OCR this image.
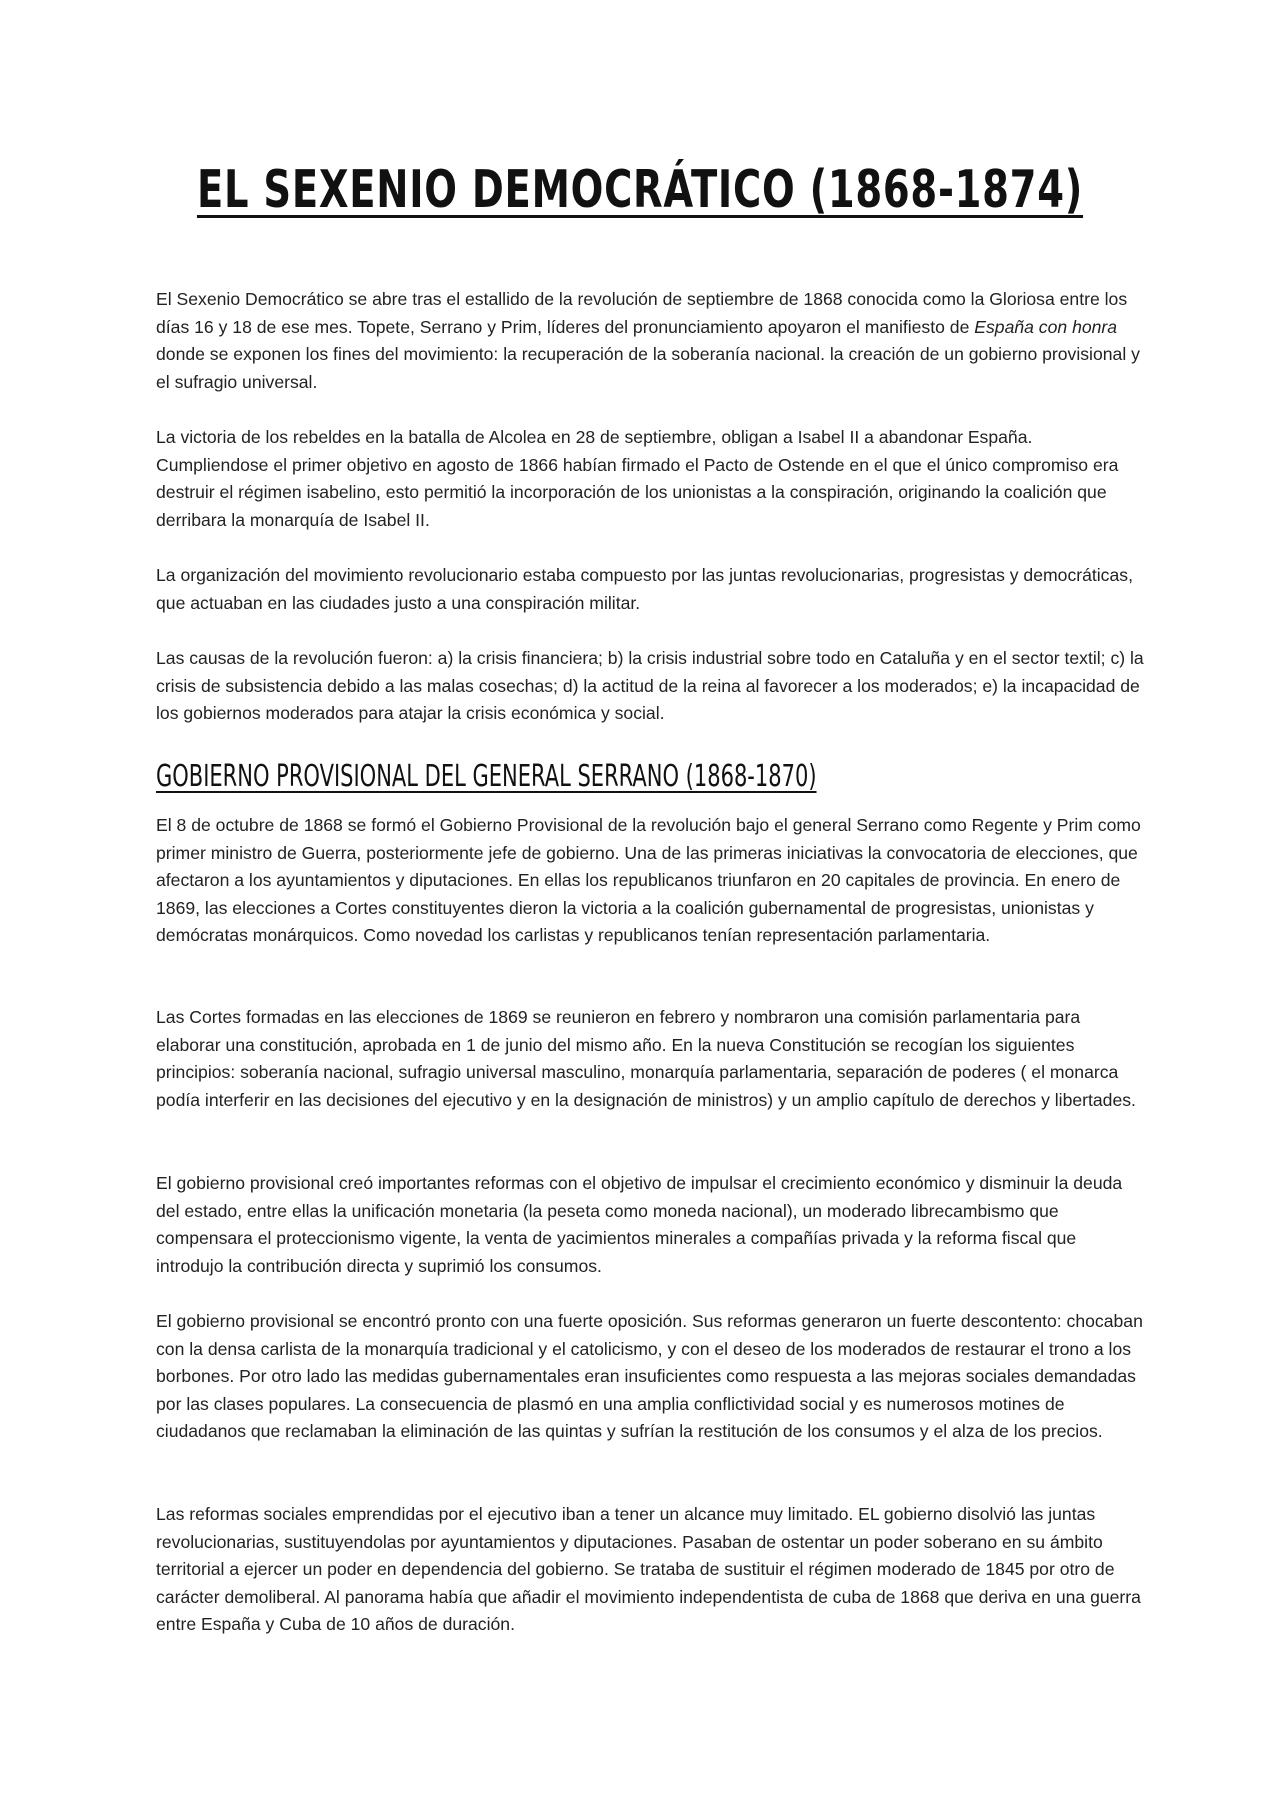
EL SEXENIO DEMOCRÁTICO (1868-1874)

El Sexenio Democrático se abre tras el estallido de la revolución de septiembre de 1868 conocida como la Gloriosa entre los días 16 y 18 de ese mes. Topete, Serrano y Prim, líderes del pronunciamiento apoyaron el manifiesto de España con honra donde se exponen los fines del movimiento: la recuperación de la soberanía nacional. la creación de un gobierno provisional y el sufragio universal.

La victoria de los rebeldes en la batalla de Alcolea en 28 de septiembre, obligan a Isabel II a abandonar España. Cumpliendose el primer objetivo en agosto de 1866 habían firmado el Pacto de Ostende en el que el único compromiso era destruir el régimen isabelino, esto permitió la incorporación de los unionistas a la conspiración, originando la coalición que derribara la monarquía de Isabel II.

La organización del movimiento revolucionario estaba compuesto por las juntas revolucionarias, progresistas y democráticas, que actuaban en las ciudades justo a una conspiración militar.

Las causas de la revolución fueron: a) la crisis financiera; b) la crisis industrial sobre todo en Cataluña y en el sector textil; c) la crisis de subsistencia debido a las malas cosechas; d) la actitud de la reina al favorecer a los moderados; e) la incapacidad de los gobiernos moderados para atajar la crisis económica y social.

GOBIERNO PROVISIONAL DEL GENERAL SERRANO (1868-1870)

El 8 de octubre de 1868 se formó el Gobierno Provisional de la revolución bajo el general Serrano como Regente y Prim como primer ministro de Guerra, posteriormente jefe de gobierno. Una de las primeras iniciativas la convocatoria de elecciones, que afectaron a los ayuntamientos y diputaciones. En ellas los republicanos triunfaron en 20 capitales de provincia. En enero de 1869, las elecciones a Cortes constituyentes dieron la victoria a la coalición gubernamental de progresistas, unionistas y demócratas monárquicos. Como novedad los carlistas y republicanos tenían representación parlamentaria.

Las Cortes formadas en las elecciones de 1869 se reunieron en febrero y nombraron una comisión parlamentaria para elaborar una constitución, aprobada en 1 de junio del mismo año. En la nueva Constitución se recogían los siguientes principios: soberanía nacional, sufragio universal masculino, monarquía parlamentaria, separación de poderes ( el monarca podía interferir en las decisiones del ejecutivo y en la designación de ministros) y un amplio capítulo de derechos y libertades.

El gobierno provisional creó importantes reformas con el objetivo de impulsar el crecimiento económico y disminuir la deuda del estado, entre ellas la unificación monetaria (la peseta como moneda nacional), un moderado librecambismo que compensara el proteccionismo vigente, la venta de yacimientos minerales a compañías privada y la reforma fiscal que introdujo la contribución directa y suprimió los consumos.

El gobierno provisional se encontró pronto con una fuerte oposición. Sus reformas generaron un fuerte descontento: chocaban con la densa carlista de la monarquía tradicional y el catolicismo, y con el deseo de los moderados de restaurar el trono a los borbones. Por otro lado las medidas gubernamentales eran insuficientes como respuesta a las mejoras sociales demandadas por las clases populares. La consecuencia de plasmó en una amplia conflictividad social y es numerosos motines de ciudadanos que reclamaban la eliminación de las quintas y sufrían la restitución de los consumos y el alza de los precios.

Las reformas sociales emprendidas por el ejecutivo iban a tener un alcance muy limitado. EL gobierno disolvió las juntas revolucionarias, sustituyendolas por ayuntamientos y diputaciones. Pasaban de ostentar un poder soberano en su ámbito territorial a ejercer un poder en dependencia del gobierno. Se trataba de sustituir el régimen moderado de 1845 por otro de carácter demoliberal. Al panorama había que añadir el movimiento independentista de cuba de 1868 que deriva en una guerra entre España y Cuba de 10 años de duración.
